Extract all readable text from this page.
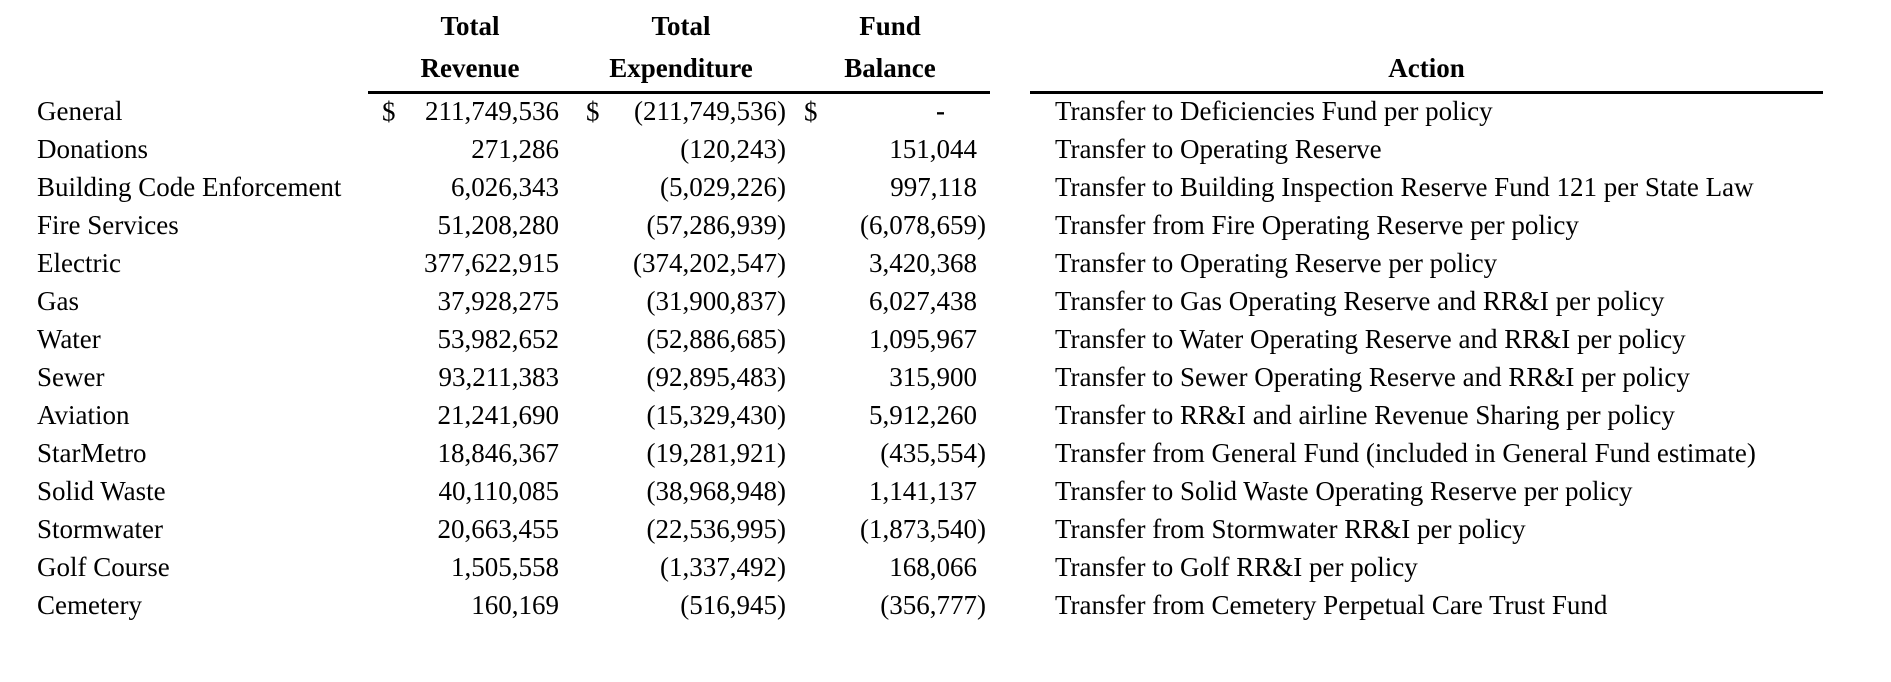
	Total	Total	Fund		
	Revenue	Expenditure	Balance		Action
General	$ 211,749,536	$ (211,749,536)	$ -		Transfer to Deficiencies Fund per policy
Donations	271,286	(120,243)	151,044		Transfer to Operating Reserve
Building Code Enforcement	6,026,343	(5,029,226)	997,118		Transfer to Building Inspection Reserve Fund 121 per State Law
Fire Services	51,208,280	(57,286,939)	(6,078,659)		Transfer from Fire Operating Reserve per policy
Electric	377,622,915	(374,202,547)	3,420,368		Transfer to Operating Reserve per policy
Gas	37,928,275	(31,900,837)	6,027,438		Transfer to Gas Operating Reserve and RR&I per policy
Water	53,982,652	(52,886,685)	1,095,967		Transfer to Water Operating Reserve and RR&I per policy
Sewer	93,211,383	(92,895,483)	315,900		Transfer to Sewer Operating Reserve and RR&I per policy
Aviation	21,241,690	(15,329,430)	5,912,260		Transfer to RR&I and airline Revenue Sharing per policy
StarMetro	18,846,367	(19,281,921)	(435,554)		Transfer from General Fund (included in General Fund estimate)
Solid Waste	40,110,085	(38,968,948)	1,141,137		Transfer to Solid Waste Operating Reserve per policy
Stormwater	20,663,455	(22,536,995)	(1,873,540)		Transfer from Stormwater RR&I per policy
Golf Course	1,505,558	(1,337,492)	168,066		Transfer to Golf RR&I per policy
Cemetery	160,169	(516,945)	(356,777)		Transfer from Cemetery Perpetual Care Trust Fund
